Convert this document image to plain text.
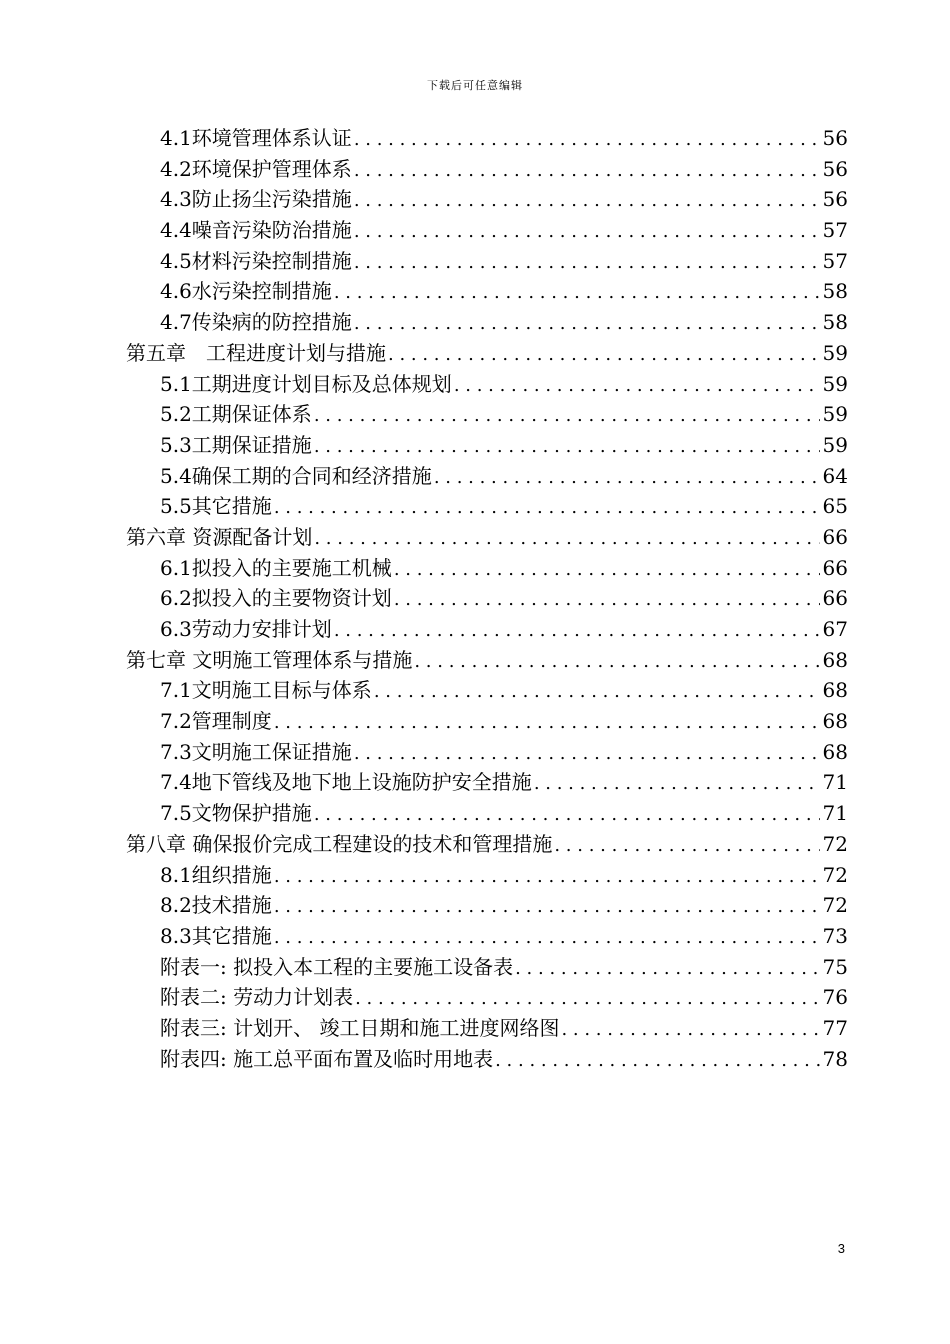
下载后可任意编辑
4.1环境管理体系认证 . . .	56
4.2环境保护管理体系 . . .	56
4.3防止扬尘污染措施 . . .	56
4.4噪音污染防治措施 . . .	57
4.5材料污染控制措施 . . .	57
4.6水污染控制措施 . . .	58
4.7传染病的防控措施 . . .	58
第五章　工程进度计划与措施 . . .	59
5.1工期进度计划目标及总体规划 . . .	59
5.2工期保证体系 . . .	59
5.3工期保证措施 . . .	59
5.4确保工期的合同和经济措施 . . .	64
5.5其它措施 . . .	65
第六章 资源配备计划 . . .	66
6.1拟投入的主要施工机械 . . .	66
6.2拟投入的主要物资计划 . . .	66
6.3劳动力安排计划 . . .	67
第七章 文明施工管理体系与措施 . . .	68
7.1文明施工目标与体系 . . .	68
7.2管理制度 . . .	68
7.3文明施工保证措施 . . .	68
7.4地下管线及地下地上设施防护安全措施 . . .	71
7.5文物保护措施 . . .	71
第八章 确保报价完成工程建设的技术和管理措施 . . .	72
8.1组织措施 . . .	72
8.2技术措施 . . .	72
8.3其它措施 . . .	73
附表一: 拟投入本工程的主要施工设备表 . . .	75
附表二: 劳动力计划表 . . .	76
附表三: 计划开、 竣工日期和施工进度网络图 . . .	77
附表四: 施工总平面布置及临时用地表 . . .	78
3
